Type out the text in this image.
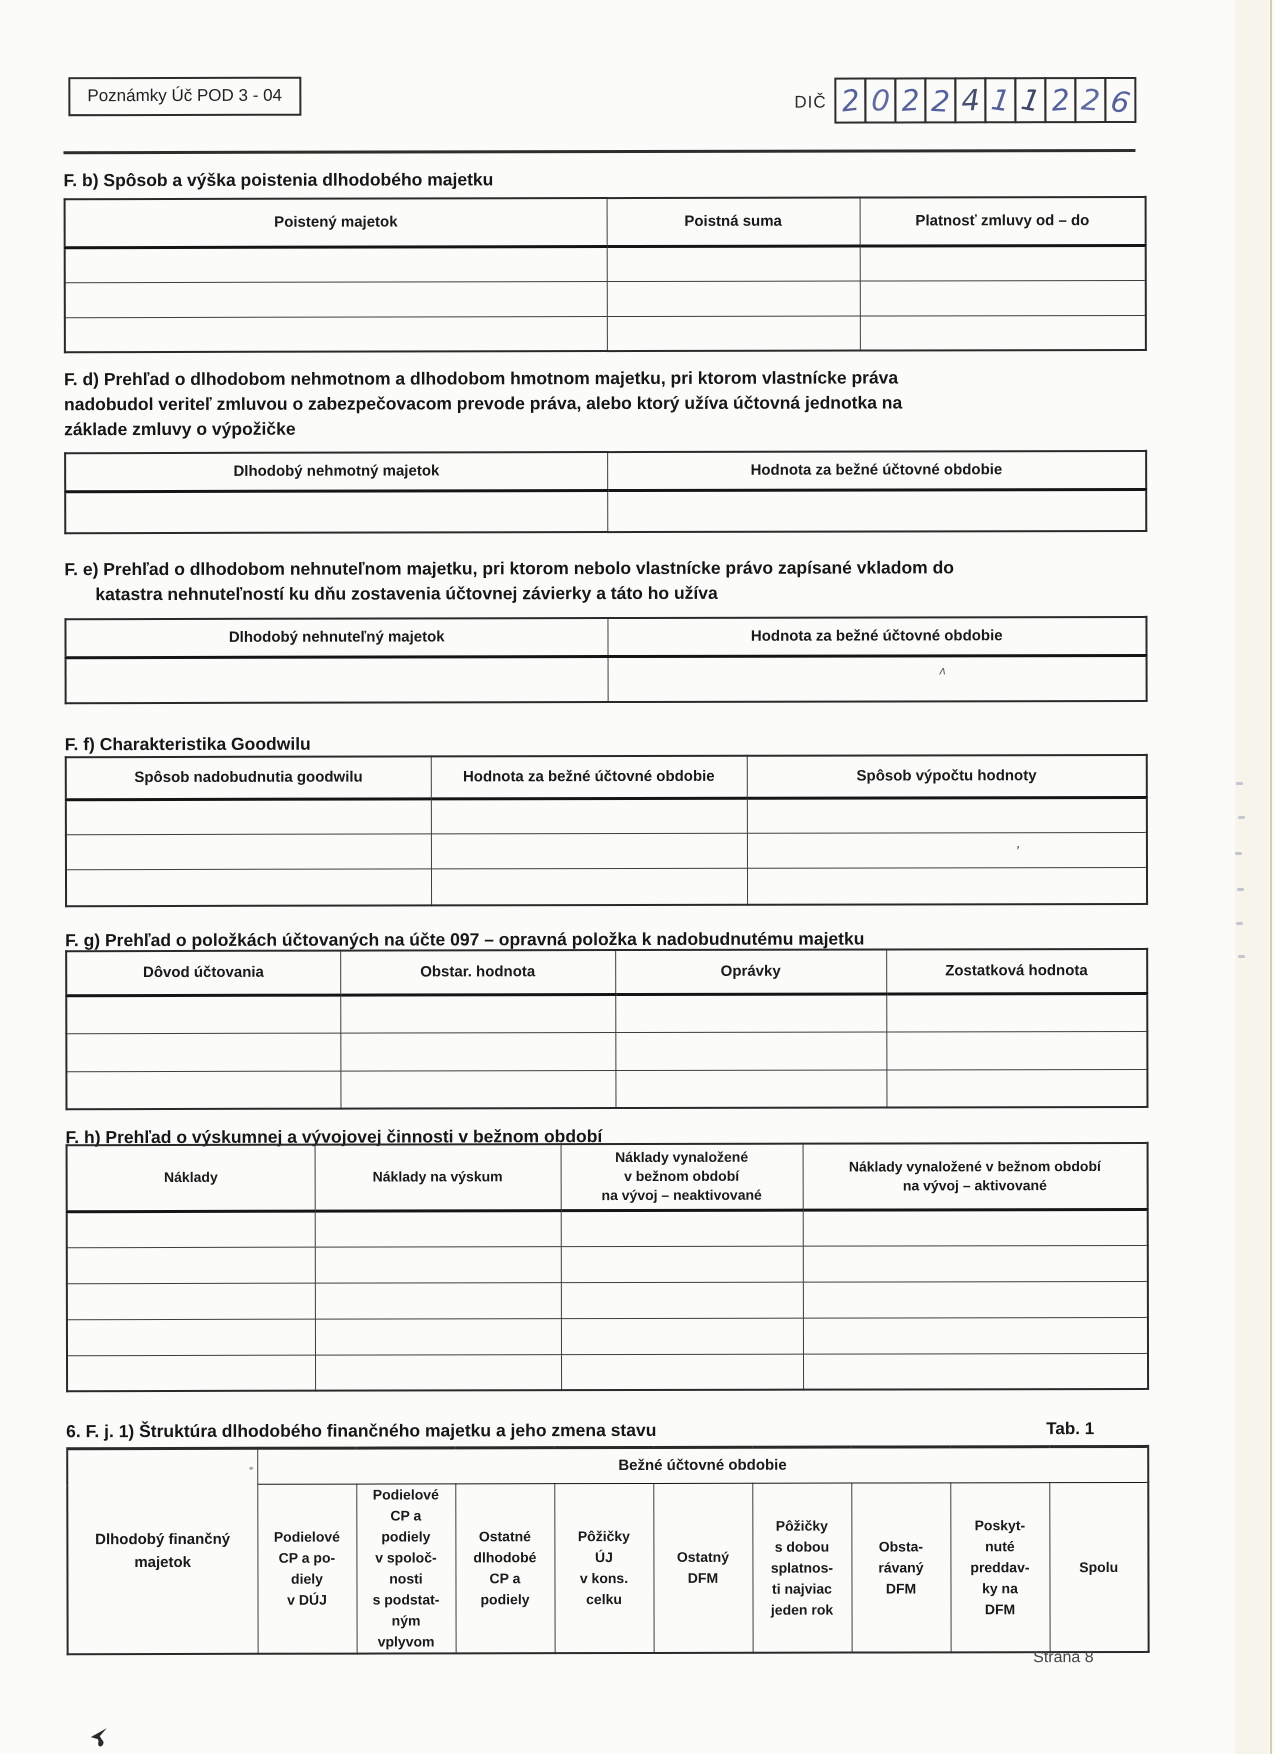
Poznámky Úč POD 3 - 04	DIČ 2 0 2 2 4 1 1 2 2 6
F. b) Spôsob a výška poistenia dlhodobého majetku
Poistený majetok	Poistná suma	Platnosť zmluvy od – do

F. d) Prehľad o dlhodobom nehmotnom a dlhodobom hmotnom majetku, pri ktorom vlastnícke práva
nadobudol veriteľ zmluvou o zabezpečovacom prevode práva, alebo ktorý užíva účtovná jednotka na
základe zmluvy o výpožičke
Dlhodobý nehmotný majetok	Hodnota za bežné účtovné obdobie

F. e) Prehľad o dlhodobom nehnuteľnom majetku, pri ktorom nebolo vlastnícke právo zapísané vkladom do
katastra nehnuteľností ku dňu zostavenia účtovnej závierky a táto ho užíva
Dlhodobý nehnuteľný majetok	Hodnota za bežné účtovné obdobie

	ʌ
F. f) Charakteristika Goodwilu
Spôsob nadobudnutia goodwilu	Hodnota za bežné účtovné obdobie	Spôsob výpočtu hodnoty

		ʼ

F. g) Prehľad o položkách účtovaných na účte 097 – opravná položka k nadobudnutému majetku
Dôvod účtovania	Obstar. hodnota	Oprávky	Zostatková hodnota

F. h) Prehľad o výskumnej a vývojovej činnosti v bežnom období
Náklady	Náklady na výskum	Náklady vynaložené
v bežnom období
na vývoj – neaktivované	Náklady vynaložené v bežnom období
na vývoj – aktivované

6. F. j. 1) Štruktúra dlhodobého finančného majetku a jeho zmena stavu	Tab. 1
Dlhodobý finančný
majetok	Bežné účtovné obdobie								
Podielové
CP a po-
diely
v DÚJ	Podielové
CP a
podiely
v spoloč-
nosti
s podstat-
ným
vplyvom	Ostatné
dlhodobé
CP a
podiely	Pôžičky
ÚJ
v kons.
celku	Ostatný
DFM	Pôžičky
s dobou
splatnos-
ti najviac
jeden rok	Obsta-
rávaný
DFM	Poskyt-
nuté
preddav-
ky na
DFM	Spolu
Strana 8
